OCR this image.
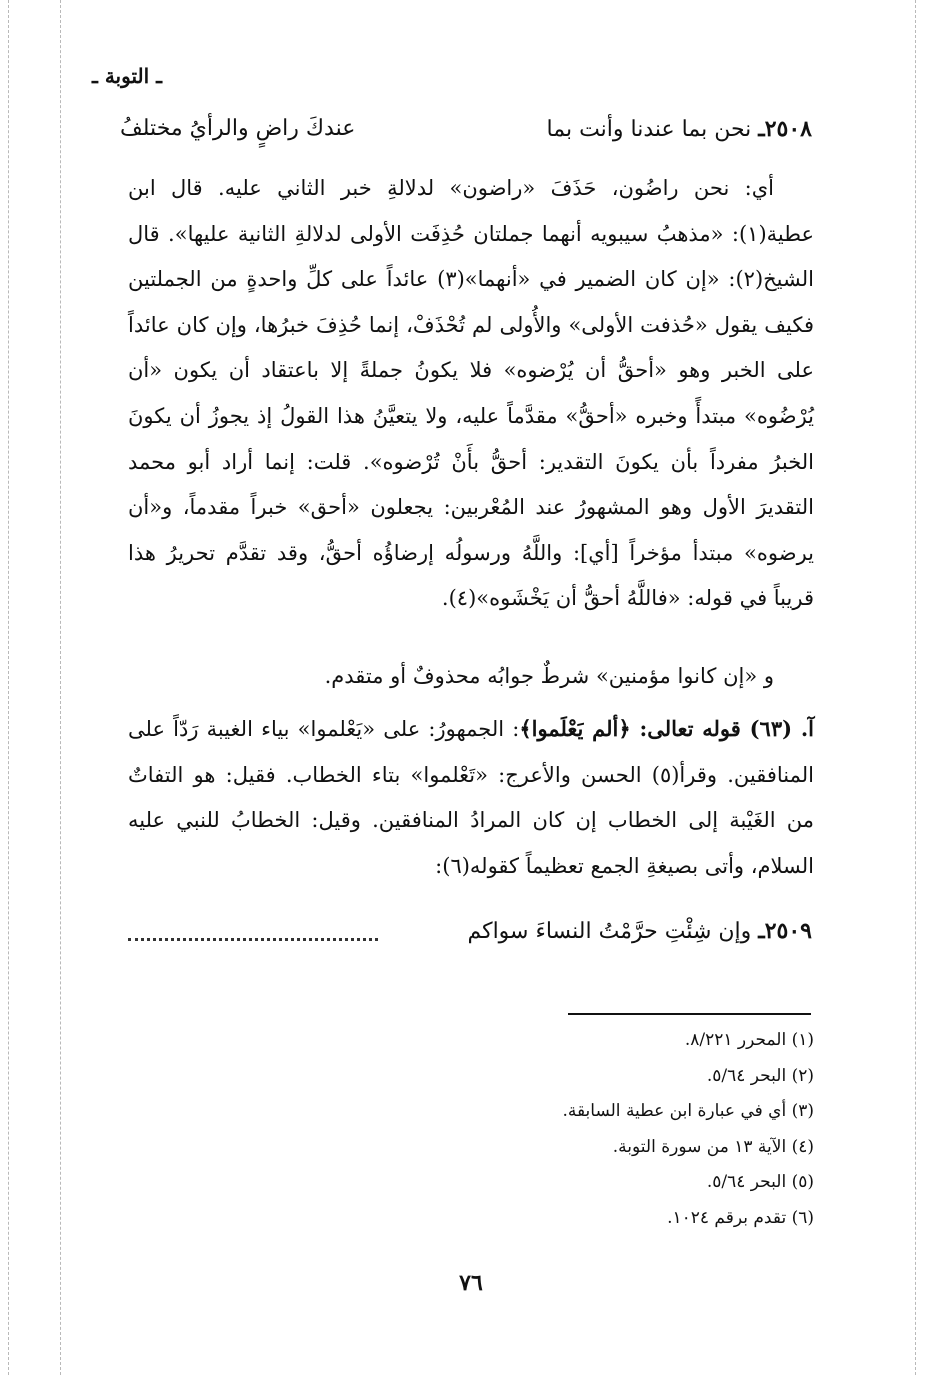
ـ التوبة ـ
٢٥٠٨ـ نحن بما عندنا وأنت بما
عندكَ راضٍ والرأيُ مختلفُ
أي: نحن راضُون، حَذَفَ «راضون» لدلالةِ خبر الثاني عليه. قال ابن عطية(١): «مذهبُ سيبويه أنهما جملتان حُذِفَت الأولى لدلالةِ الثانية عليها». قال الشيخ(٢): «إن كان الضمير في «أنهما»(٣) عائداً على كلِّ واحدةٍ من الجملتين فكيف يقول «حُذفت الأولى» والأُولى لم تُحْذَفْ، إنما حُذِفَ خبرُها، وإن كان عائداً على الخبر وهو «أحقُّ أن يُرْضوه» فلا يكونُ جملةً إلا باعتقاد أن يكون «أن يُرْضُوه» مبتدأً وخبره «أحقُّ» مقدَّماً عليه، ولا يتعيَّنُ هذا القولُ إذ يجوزُ أن يكونَ الخبرُ مفرداً بأن يكونَ التقدير: أحقُّ بأَنْ تُرْضوه». قلت: إنما أراد أبو محمد التقديرَ الأول وهو المشهورُ عند المُعْربين: يجعلون «أحق» خبراً مقدماً، و«أن يرضوه» مبتدأ مؤخراً [أي]: واللَّهُ ورسولُه إرضاؤُه أحقُّ، وقد تقدَّم تحريرُ هذا قريباً في قوله: «فاللَّهُ أحقُّ أن يَخْشَوه»(٤).
و «إن كانوا مؤمنين» شرطٌ جوابُه محذوفٌ أو متقدم.
آ. (٦٣) قوله تعالى: ﴿ألم يَعْلَموا﴾: الجمهورُ: على «يَعْلموا» بياء الغيبة رَدّاً على المنافقين. وقرأ(٥) الحسن والأعرج: «تَعْلموا» بتاء الخطاب. فقيل: هو التفاتٌ من الغَيْبة إلى الخطاب إن كان المرادُ المنافقين. وقيل: الخطابُ للنبي عليه السلام، وأتى بصيغةِ الجمع تعظيماً كقوله(٦):
٢٥٠٩ـ وإن شِئْتِ حرَّمْتُ النساءَ سواكم
(١) المحرر ٨/٢٢١.
(٢) البحر ٥/٦٤.
(٣) أي في عبارة ابن عطية السابقة.
(٤) الآية ١٣ من سورة التوبة.
(٥) البحر ٥/٦٤.
(٦) تقدم برقم ١٠٢٤.
٧٦
